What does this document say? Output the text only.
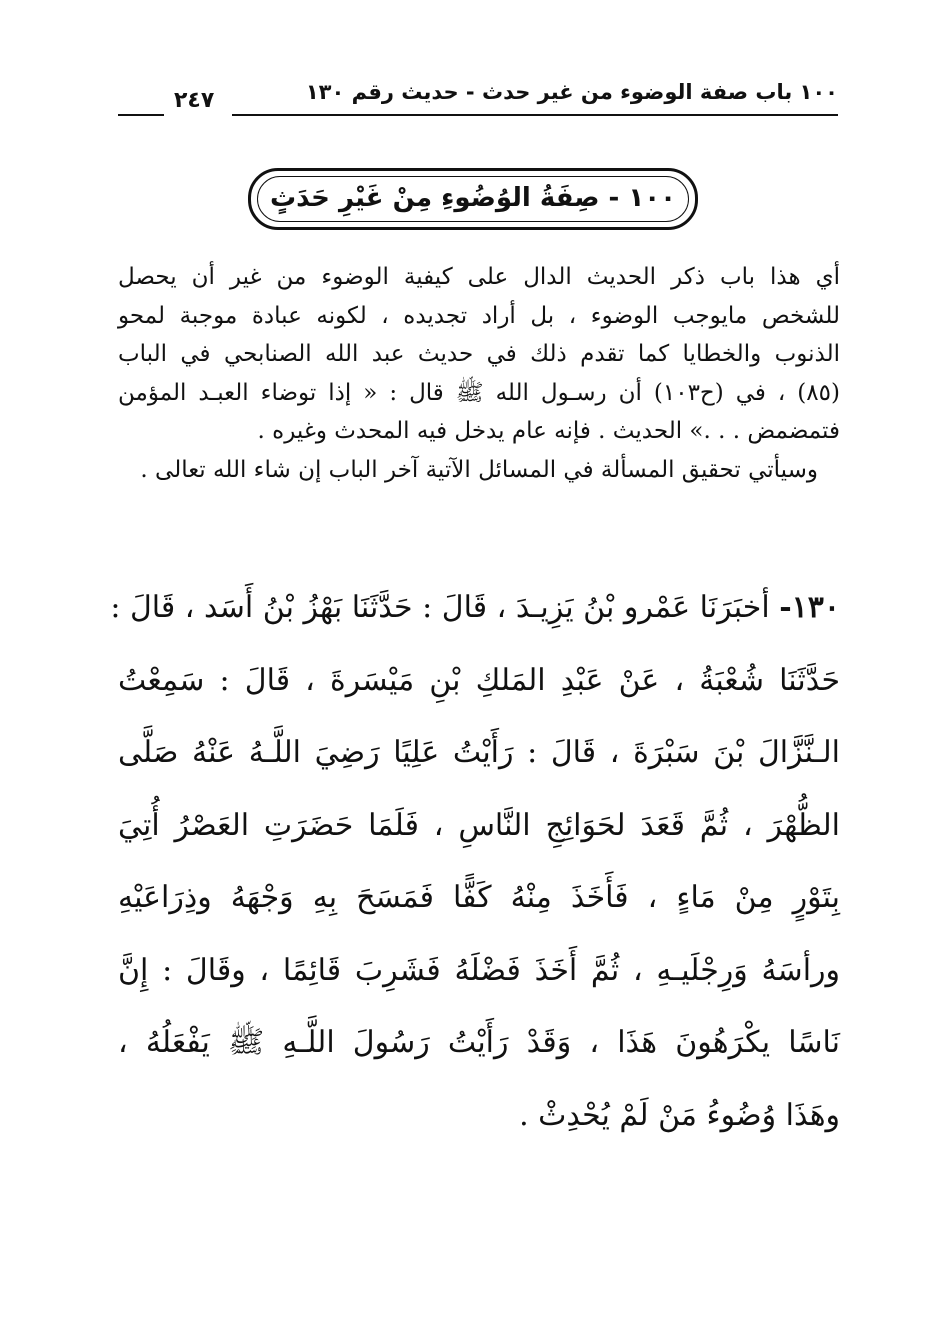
٢٤٧	١٠٠ باب صفة الوضوء من غير حدث - حديث رقم ١٣٠
١٠٠ - صِفَةُ الوُضُوءِ مِنْ غَيْرِ حَدَثٍ
أي هذا باب ذكر الحديث الدال على كيفية الوضوء من غير أن يحصل
للشخص مايوجب الوضوء ، بل أراد تجديده ، لكونه عبادة موجبة لمحو
الذنوب والخطايا كما تقدم ذلك في حديث عبد الله الصنابحي في الباب
(٨٥) ، في (ح١٠٣) أن رسـول الله ﷺ قال : « إذا توضاء العبـد المؤمن
فتمضمض . . .» الحديث . فإنه عام يدخل فيه المحدث وغيره .
وسيأتي تحقيق المسألة في المسائل الآتية آخر الباب إن شاء الله تعالى .
١٣٠- أخبَرَنَا عَمْرو بْنُ يَزِيـدَ ، قَالَ : حَدَّثَنَا بَهْزُ بْنُ أَسَد ، قَالَ :
حَدَّثَنَا شُعْبَةُ ، عَنْ عَبْدِ المَلكِ بْنِ مَيْسَرةَ ، قَالَ : سَمِعْتُ
الـنَّزَّالَ بْنَ سَبْرَةَ ، قَالَ : رَأَيْتُ عَلِيًا رَضِيَ اللَّـهُ عَنْهُ صَلَّى
الظُّهْرَ ، ثُمَّ قَعَدَ لحَوَائِجِ النَّاسِ ، فَلَمَا حَضَرَتِ العَصْرُ أُتِيَ
بِتَوْرٍ مِنْ مَاءٍ ، فَأَخَذَ مِنْهُ كَفًّا فَمَسَحَ بِهِ وَجْهَهُ وذِرَاعَيْهِ
ورأسَهُ وَرِجْلَيـهِ ، ثُمَّ أَخَذَ فَضْلَهُ فَشَرِبَ قَائِمًا ، وقَالَ : إِنَّ
نَاسًا يكْرَهُونَ هَذَا ، وَقَدْ رَأَيْتُ رَسُولَ اللَّـهِ ﷺ يَفْعَلُهُ ،
وهَذَا وُضُوءُ مَنْ لَمْ يُحْدِثْ .
